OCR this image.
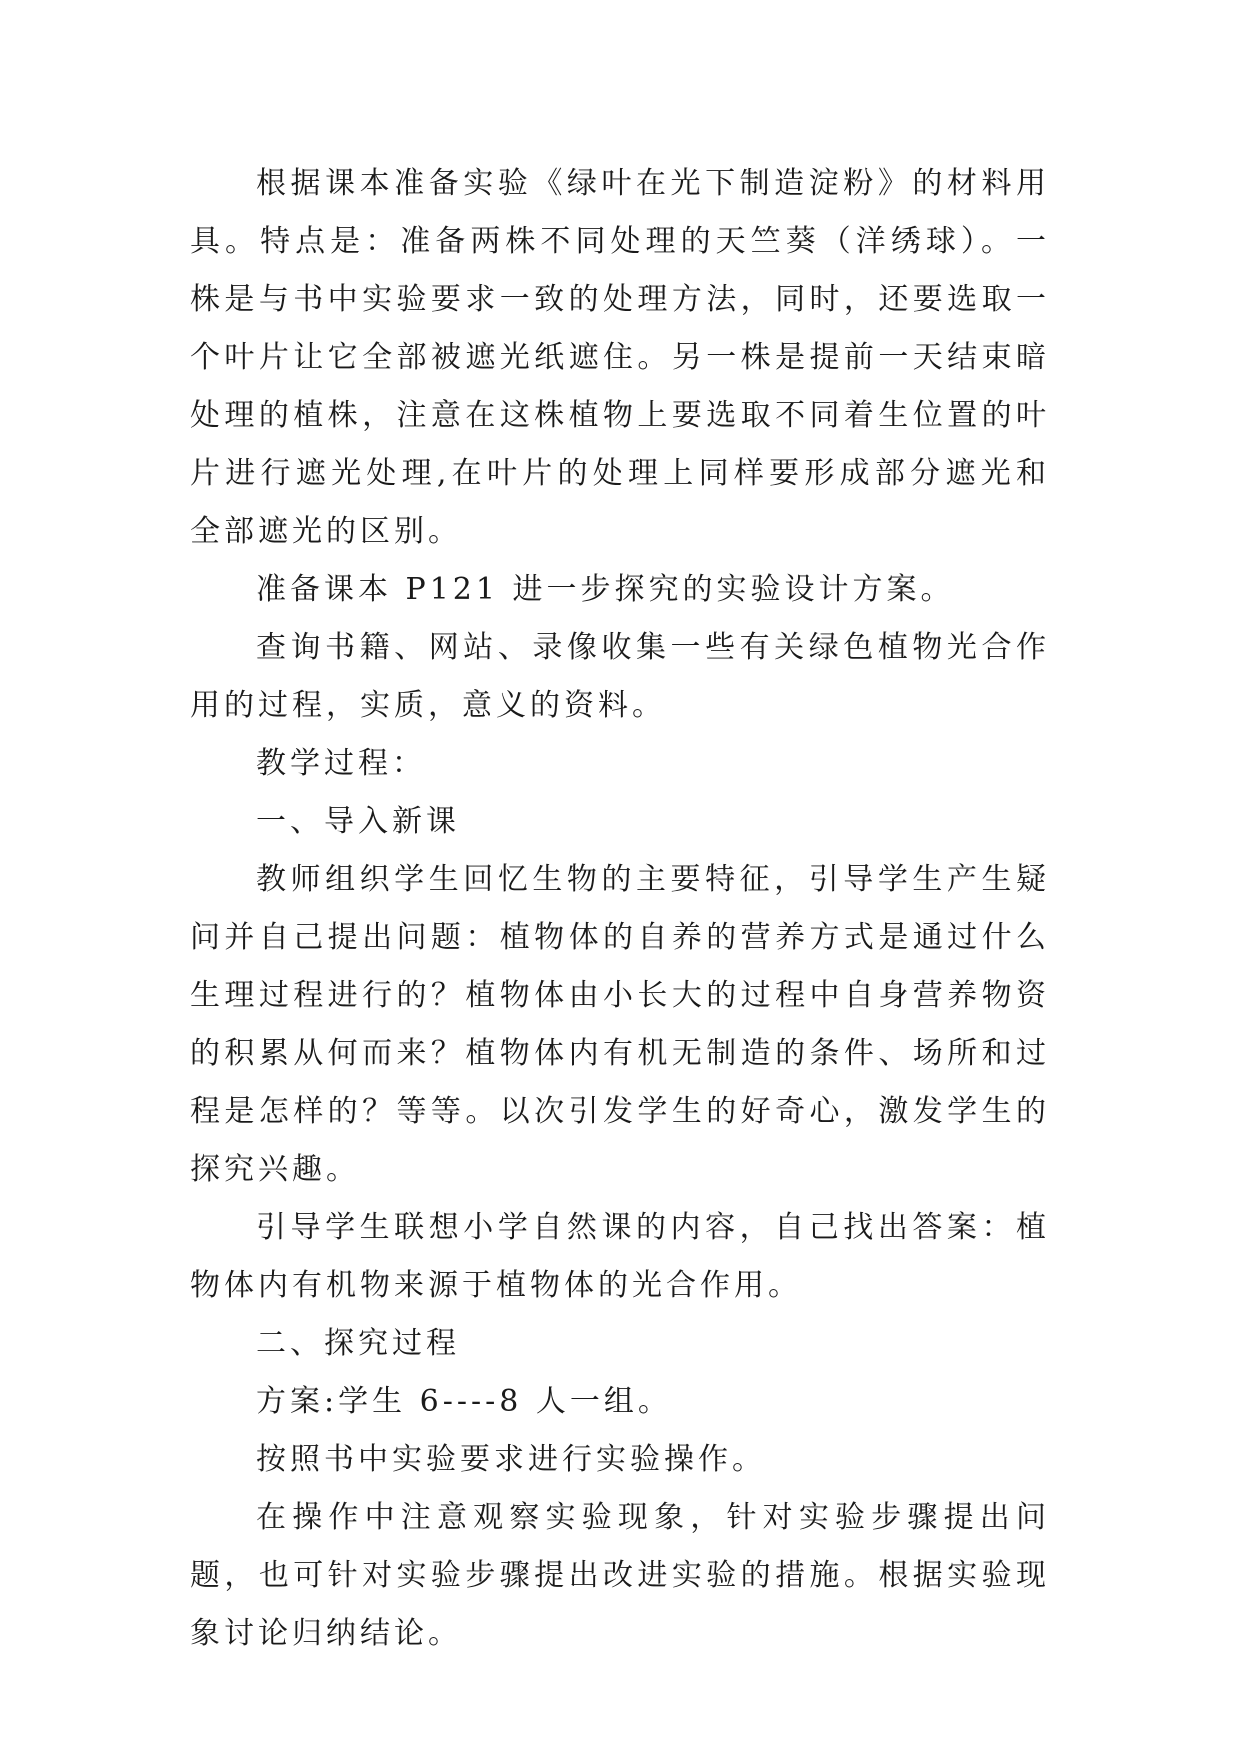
根据课本准备实验《绿叶在光下制造淀粉》的材料用具。特点是：准备两株不同处理的天竺葵（洋绣球）。一株是与书中实验要求一致的处理方法，同时，还要选取一个叶片让它全部被遮光纸遮住。另一株是提前一天结束暗处理的植株，注意在这株植物上要选取不同着生位置的叶片进行遮光处理,在叶片的处理上同样要形成部分遮光和全部遮光的区别。

准备课本 P121 进一步探究的实验设计方案。

查询书籍、网站、录像收集一些有关绿色植物光合作用的过程，实质，意义的资料。

教学过程：

一、导入新课

教师组织学生回忆生物的主要特征，引导学生产生疑问并自己提出问题：植物体的自养的营养方式是通过什么生理过程进行的？植物体由小长大的过程中自身营养物资的积累从何而来？植物体内有机无制造的条件、场所和过程是怎样的？等等。以次引发学生的好奇心，激发学生的探究兴趣。

引导学生联想小学自然课的内容，自己找出答案：植物体内有机物来源于植物体的光合作用。

二、探究过程

方案:学生 6----8 人一组。

按照书中实验要求进行实验操作。

在操作中注意观察实验现象，针对实验步骤提出问题，也可针对实验步骤提出改进实验的措施。根据实验现象讨论归纳结论。
